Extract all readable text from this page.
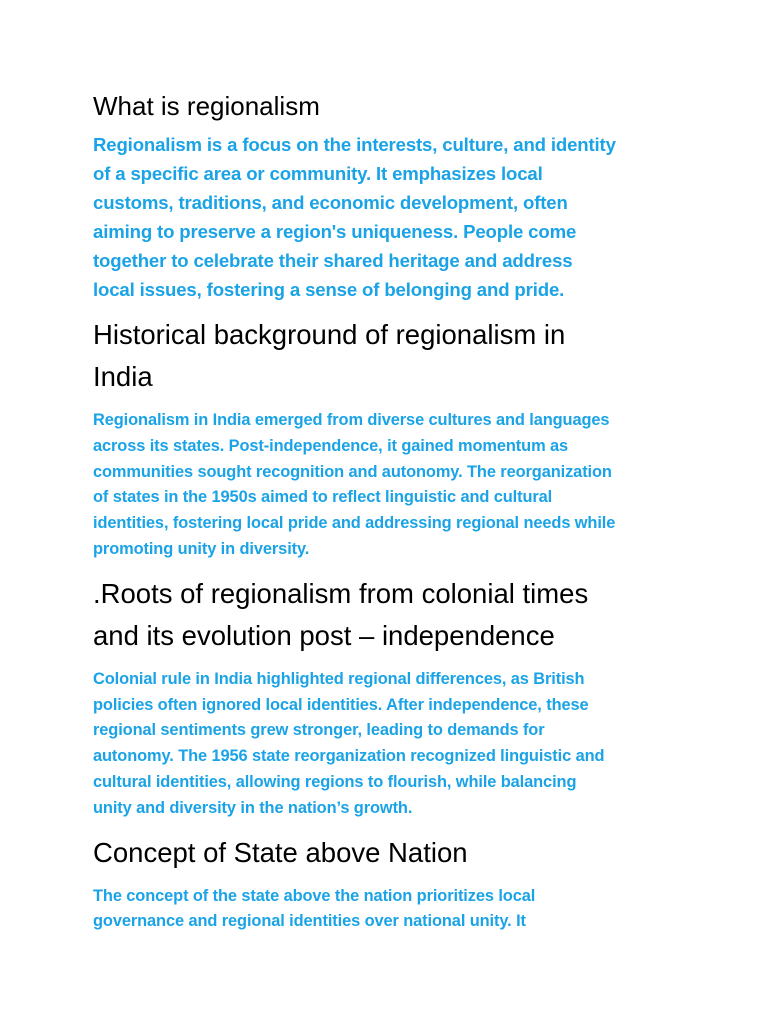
What is regionalism

Regionalism is a focus on the interests, culture, and identity
of a specific area or community. It emphasizes local
customs, traditions, and economic development, often
aiming to preserve a region's uniqueness. People come
together to celebrate their shared heritage and address
local issues, fostering a sense of belonging and pride.

Historical background of regionalism in
India

Regionalism in India emerged from diverse cultures and languages
across its states. Post-independence, it gained momentum as
communities sought recognition and autonomy. The reorganization
of states in the 1950s aimed to reflect linguistic and cultural
identities, fostering local pride and addressing regional needs while
promoting unity in diversity.

.Roots of regionalism from colonial times
and its evolution post – independence

Colonial rule in India highlighted regional differences, as British
policies often ignored local identities. After independence, these
regional sentiments grew stronger, leading to demands for
autonomy. The 1956 state reorganization recognized linguistic and
cultural identities, allowing regions to flourish, while balancing
unity and diversity in the nation’s growth.

Concept of State above Nation

The concept of the state above the nation prioritizes local
governance and regional identities over national unity. It
